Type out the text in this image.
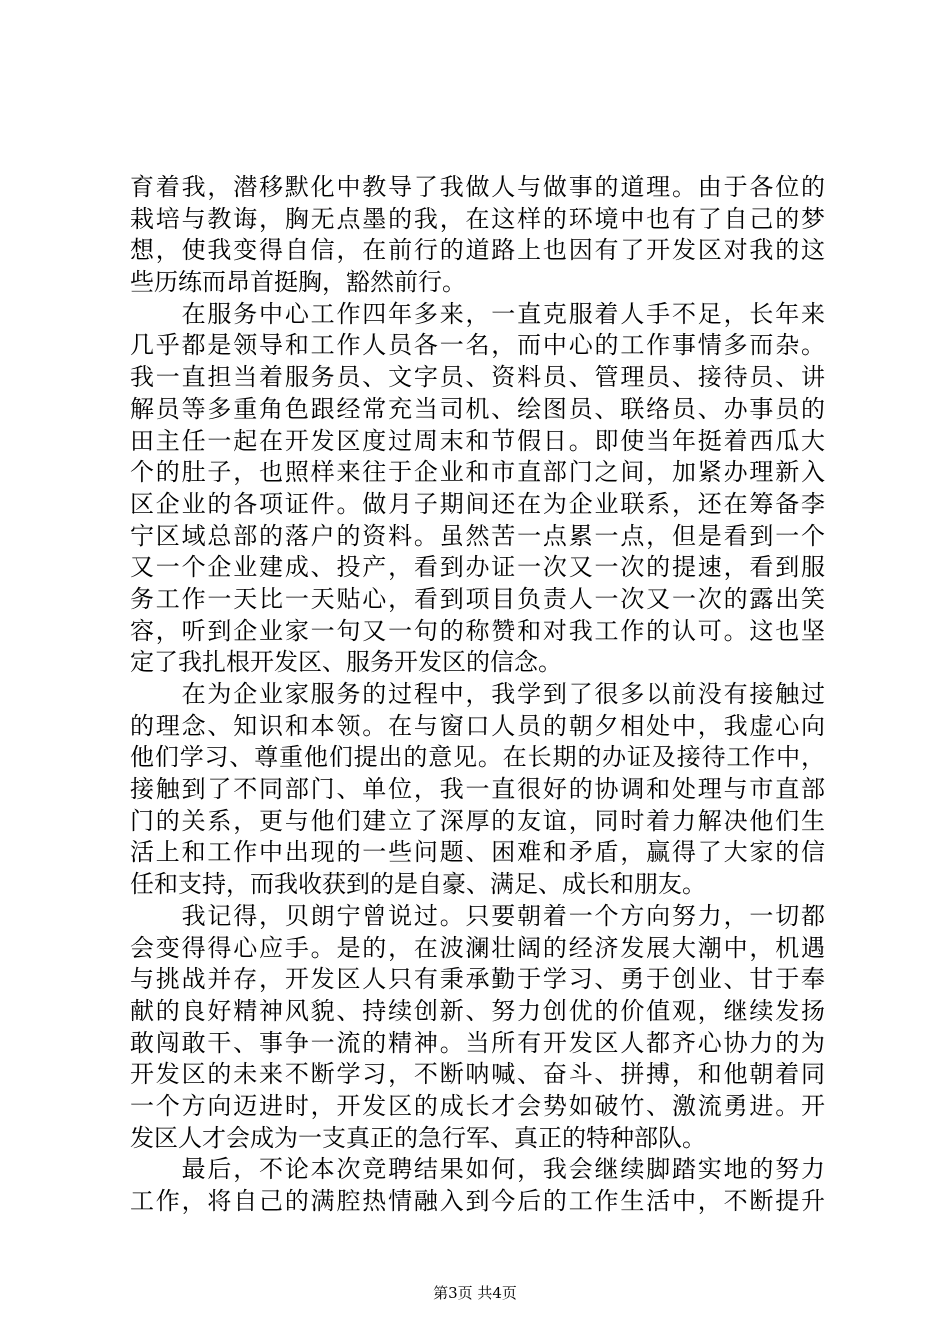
育着我，潜移默化中教导了我做人与做事的道理。由于各位的
栽培与教诲，胸无点墨的我，在这样的环境中也有了自己的梦
想，使我变得自信，在前行的道路上也因有了开发区对我的这
些历练而昂首挺胸，豁然前行。
　　在服务中心工作四年多来，一直克服着人手不足，长年来
几乎都是领导和工作人员各一名，而中心的工作事情多而杂。
我一直担当着服务员、文字员、资料员、管理员、接待员、讲
解员等多重角色跟经常充当司机、绘图员、联络员、办事员的
田主任一起在开发区度过周末和节假日。即使当年挺着西瓜大
个的肚子，也照样来往于企业和市直部门之间，加紧办理新入
区企业的各项证件。做月子期间还在为企业联系，还在筹备李
宁区域总部的落户的资料。虽然苦一点累一点，但是看到一个
又一个企业建成、投产，看到办证一次又一次的提速，看到服
务工作一天比一天贴心，看到项目负责人一次又一次的露出笑
容，听到企业家一句又一句的称赞和对我工作的认可。这也坚
定了我扎根开发区、服务开发区的信念。
　　在为企业家服务的过程中，我学到了很多以前没有接触过
的理念、知识和本领。在与窗口人员的朝夕相处中，我虚心向
他们学习、尊重他们提出的意见。在长期的办证及接待工作中，
接触到了不同部门、单位，我一直很好的协调和处理与市直部
门的关系，更与他们建立了深厚的友谊，同时着力解决他们生
活上和工作中出现的一些问题、困难和矛盾，赢得了大家的信
任和支持，而我收获到的是自豪、满足、成长和朋友。
　　我记得，贝朗宁曾说过。只要朝着一个方向努力，一切都
会变得得心应手。是的，在波澜壮阔的经济发展大潮中，机遇
与挑战并存，开发区人只有秉承勤于学习、勇于创业、甘于奉
献的良好精神风貌、持续创新、努力创优的价值观，继续发扬
敢闯敢干、事争一流的精神。当所有开发区人都齐心协力的为
开发区的未来不断学习，不断呐喊、奋斗、拼搏，和他朝着同
一个方向迈进时，开发区的成长才会势如破竹、激流勇进。开
发区人才会成为一支真正的急行军、真正的特种部队。
　　最后，不论本次竞聘结果如何，我会继续脚踏实地的努力
工作，将自己的满腔热情融入到今后的工作生活中，不断提升
第3页 共4页
